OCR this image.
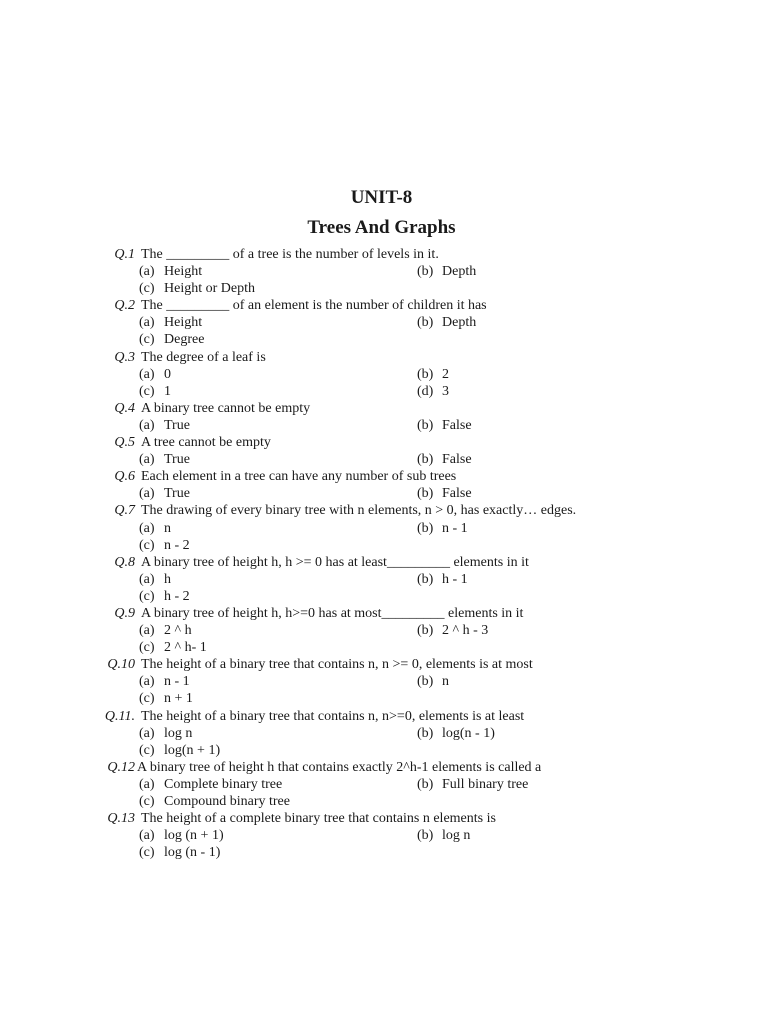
UNIT-8
Trees And Graphs
Q.1 The _________ of a tree is the number of levels in it.
(a) Height	(b) Depth
(c) Height or Depth
Q.2 The _________ of an element is the number of children it has
(a) Height	(b) Depth
(c) Degree
Q.3 The degree of a leaf is
(a) 0	(b) 2
(c) 1	(d) 3
Q.4 A binary tree cannot be empty
(a) True	(b) False
Q.5 A tree cannot be empty
(a) True	(b) False
Q.6 Each element in a tree can have any number of sub trees
(a) True	(b) False
Q.7 The drawing of every binary tree with n elements, n > 0, has exactly… edges.
(a) n	(b) n - 1
(c) n - 2
Q.8 A binary tree of height h, h >= 0 has at least_________ elements in it
(a) h	(b) h - 1
(c) h - 2
Q.9 A binary tree of height h, h>=0 has at most_________ elements in it
(a) 2 ^ h	(b) 2 ^ h - 3
(c) 2 ^ h- 1
Q.10 The height of a binary tree that contains n, n >= 0, elements is at most
(a) n - 1	(b) n
(c) n + 1
Q.11. The height of a binary tree that contains n, n>=0, elements is at least
(a) log n	(b) log(n - 1)
(c) log(n + 1)
Q.12 A binary tree of height h that contains exactly 2^h-1 elements is called a
(a) Complete binary tree	(b) Full binary tree
(c) Compound binary tree
Q.13 The height of a complete binary tree that contains n elements is
(a) log (n + 1)	(b) log n
(c) log (n - 1)
